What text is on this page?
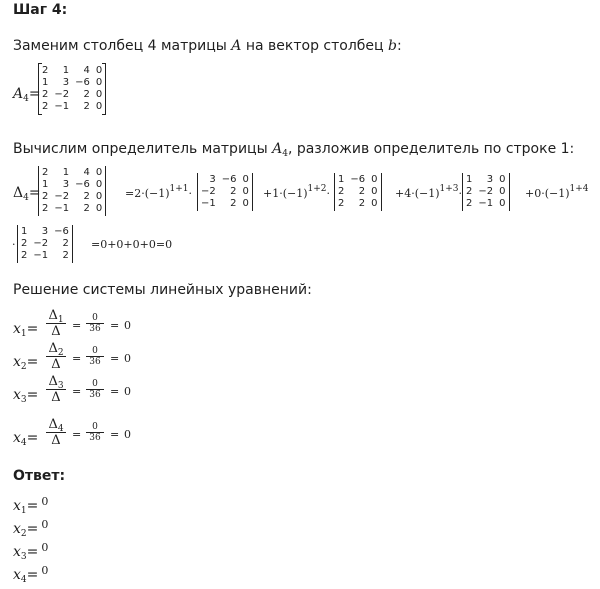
Шаг 4:
Заменим столбец 4 матрицы A на вектор столбец b:
$A_4=$
2	1	4	0
1	3	−6	0
2	−2	2	0
2	−1	2	0
Вычислим определитель матрицы $A_4$, разложив определитель по строке 1:
$\Delta_4=$
2	1	4	0
1	3	−6	0
2	−2	2	0
2	−1	2	0
$=2\cdot(-1)^{1+1}\cdot$
3	−6	0
−2	2	0
−1	2	0
$+1\cdot(-1)^{1+2}\cdot$
1	−6	0
2	2	0
2	2	0
$+4\cdot(-1)^{1+3}\cdot$
1	3	0
2	−2	0
2	−1	0
$+0\cdot(-1)^{1+4}$
·
1	3	−6
2	−2	2
2	−1	2
=0+0+0+0=0
Решение системы линейных уравнений:
$x_1= \frac{\Delta_1}{\Delta} = \frac{0}{36} = 0$
$x_2= \frac{\Delta_2}{\Delta} = \frac{0}{36} = 0$
$x_3= \frac{\Delta_3}{\Delta} = \frac{0}{36} = 0$
$x_4= \frac{\Delta_4}{\Delta} = \frac{0}{36} = 0$
Ответ:
$x_1= ^0$
$x_2= ^0$
$x_3= ^0$
$x_4= ^0$
